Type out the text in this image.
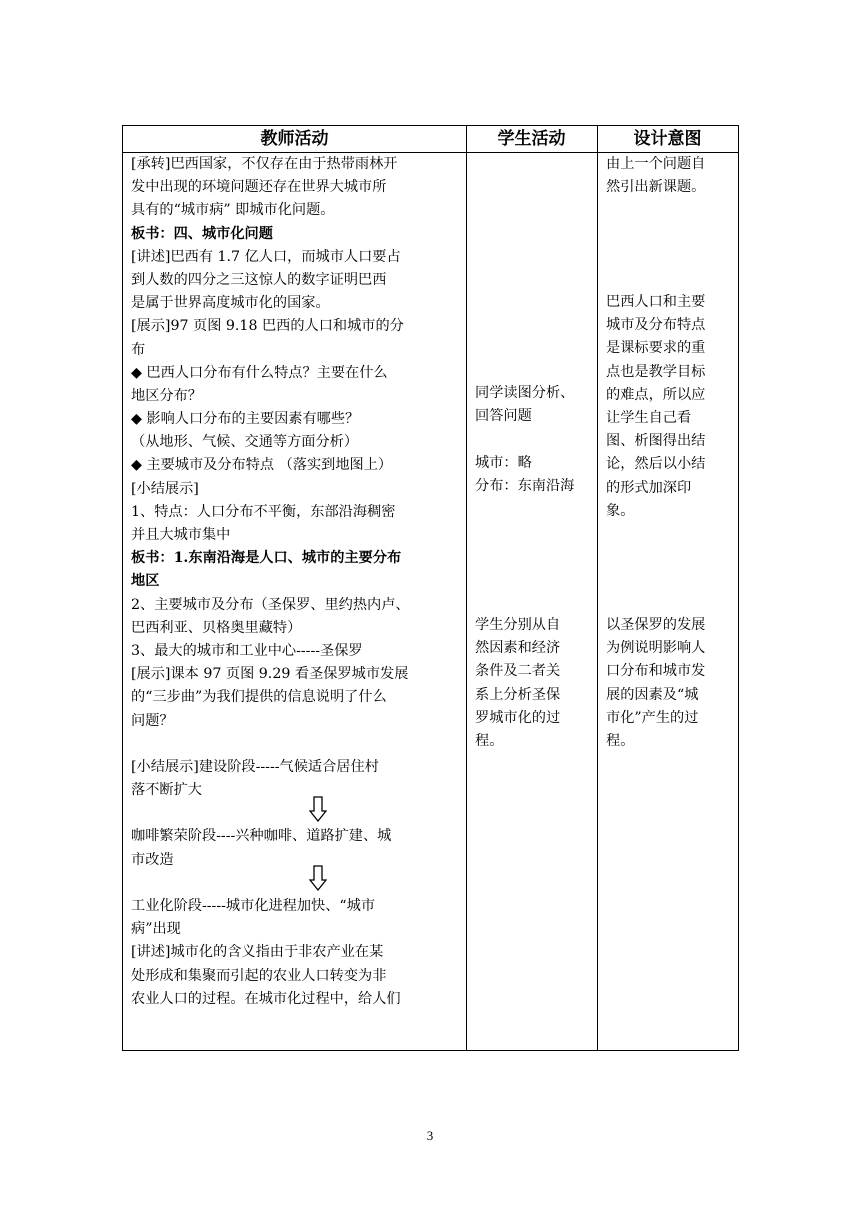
教师活动	学生活动	设计意图
[承转]巴西国家，不仅存在由于热带雨林开
发中出现的环境问题还存在世界大城市所
具有的“城市病” 即城市化问题。
板书：四、城市化问题
[讲述]巴西有 1.7 亿人口，而城市人口要占
到人数的四分之三这惊人的数字证明巴西
是属于世界高度城市化的国家。
[展示]97 页图 9.18 巴西的人口和城市的分
布
◆ 巴西人口分布有什么特点？主要在什么
地区分布？
◆ 影响人口分布的主要因素有哪些？
（从地形、气候、交通等方面分析）
◆ 主要城市及分布特点 （落实到地图上）
[小结展示]
1、特点：人口分布不平衡，东部沿海稠密
并且大城市集中
板书：1.东南沿海是人口、城市的主要分布
地区
2、主要城市及分布（圣保罗、里约热内卢、
巴西利亚、贝格奥里藏特）
3、最大的城市和工业中心-----圣保罗
[展示]课本 97 页图 9.29 看圣保罗城市发展
的“三步曲”为我们提供的信息说明了什么
问题？
[小结展示]建设阶段-----气候适合居住村
落不断扩大
咖啡繁荣阶段----兴种咖啡、道路扩建、城
市改造
工业化阶段-----城市化进程加快、“城市
病”出现
[讲述]城市化的含义指由于非农产业在某
处形成和集聚而引起的农业人口转变为非
农业人口的过程。在城市化过程中，给人们
同学读图分析、
回答问题
城市：略
分布：东南沿海
学生分别从自
然因素和经济
条件及二者关
系上分析圣保
罗城市化的过
程。
由上一个问题自
然引出新课题。
巴西人口和主要
城市及分布特点
是课标要求的重
点也是教学目标
的难点，所以应
让学生自己看
图、析图得出结
论，然后以小结
的形式加深印
象。
以圣保罗的发展
为例说明影响人
口分布和城市发
展的因素及“城
市化”产生的过
程。
3
